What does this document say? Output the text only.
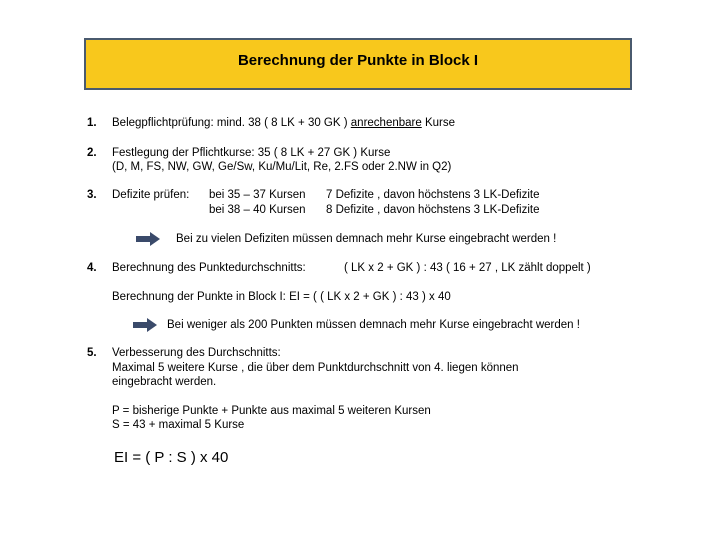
Berechnung der Punkte in Block I
1. Belegpflichtprüfung: mind. 38 ( 8 LK + 30 GK ) anrechenbare Kurse
2. Festlegung der Pflichtkurse: 35 ( 8 LK + 27 GK ) Kurse
(D, M, FS, NW, GW, Ge/Sw, Ku/Mu/Lit, Re, 2.FS oder 2.NW in Q2)
3. Defizite prüfen: bei 35 – 37 Kursen 7 Defizite , davon höchstens 3 LK-Defizite
bei 38 – 40 Kursen 8 Defizite , davon höchstens 3 LK-Defizite
Bei zu vielen Defiziten müssen demnach mehr Kurse eingebracht werden !
4. Berechnung des Punktedurchschnitts:	( LK x 2 + GK ) : 43 ( 16 + 27 , LK zählt doppelt )
Berechnung der Punkte in Block I: EI = ( ( LK x 2 + GK ) : 43 ) x 40
Bei weniger als 200 Punkten müssen demnach mehr Kurse eingebracht werden !
5. Verbesserung des Durchschnitts:
Maximal 5 weitere Kurse , die über dem Punktdurchschnitt von 4. liegen können
eingebracht werden.
P = bisherige Punkte + Punkte aus maximal 5 weiteren Kursen
S = 43 + maximal 5 Kurse
EI = ( P : S ) x 40
